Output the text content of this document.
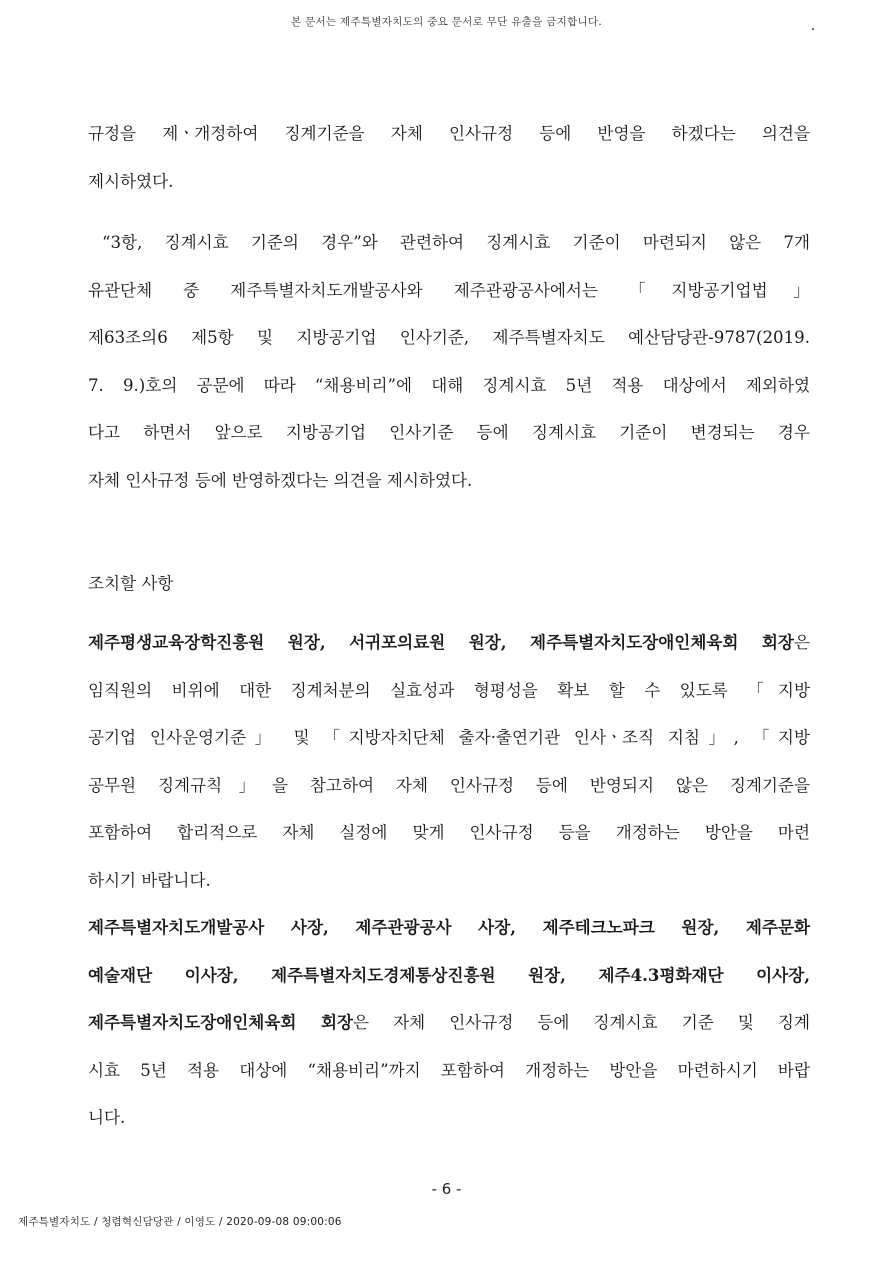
본 문서는 제주특별자치도의 중요 문서로 무단 유출을 금지합니다.
규정을 제ㆍ개정하여 징계기준을 자체 인사규정 등에 반영을 하겠다는 의견을
제시하였다.
“3항, 징계시효 기준의 경우”와 관련하여 징계시효 기준이 마련되지 않은 7개
유관단체 중 제주특별자치도개발공사와 제주관광공사에서는 「지방공기업법」
제63조의6 제5항 및 지방공기업 인사기준, 제주특별자치도 예산담당관-9787(2019.
7. 9.)호의 공문에 따라 “채용비리”에 대해 징계시효 5년 적용 대상에서 제외하였
다고 하면서 앞으로 지방공기업 인사기준 등에 징계시효 기준이 변경되는 경우
자체 인사규정 등에 반영하겠다는 의견을 제시하였다.
조치할 사항
제주평생교육장학진흥원 원장, 서귀포의료원 원장, 제주특별자치도장애인체육회 회장은
임직원의 비위에 대한 징계처분의 실효성과 형평성을 확보 할 수 있도록 「지방
공기업 인사운영기준」 및 「지방자치단체 출자·출연기관 인사ㆍ조직 지침」, 「지방
공무원 징계규칙」을 참고하여 자체 인사규정 등에 반영되지 않은 징계기준을
포함하여 합리적으로 자체 실정에 맞게 인사규정 등을 개정하는 방안을 마련
하시기 바랍니다.
제주특별자치도개발공사 사장, 제주관광공사 사장, 제주테크노파크 원장, 제주문화
예술재단 이사장, 제주특별자치도경제통상진흥원 원장, 제주4.3평화재단 이사장,
제주특별자치도장애인체육회 회장은 자체 인사규정 등에 징계시효 기준 및 징계
시효 5년 적용 대상에 “채용비리”까지 포함하여 개정하는 방안을 마련하시기 바랍
니다.
- 6 -
제주특별자치도 / 청렴혁신담당관 / 이영도 / 2020-09-08 09:00:06
